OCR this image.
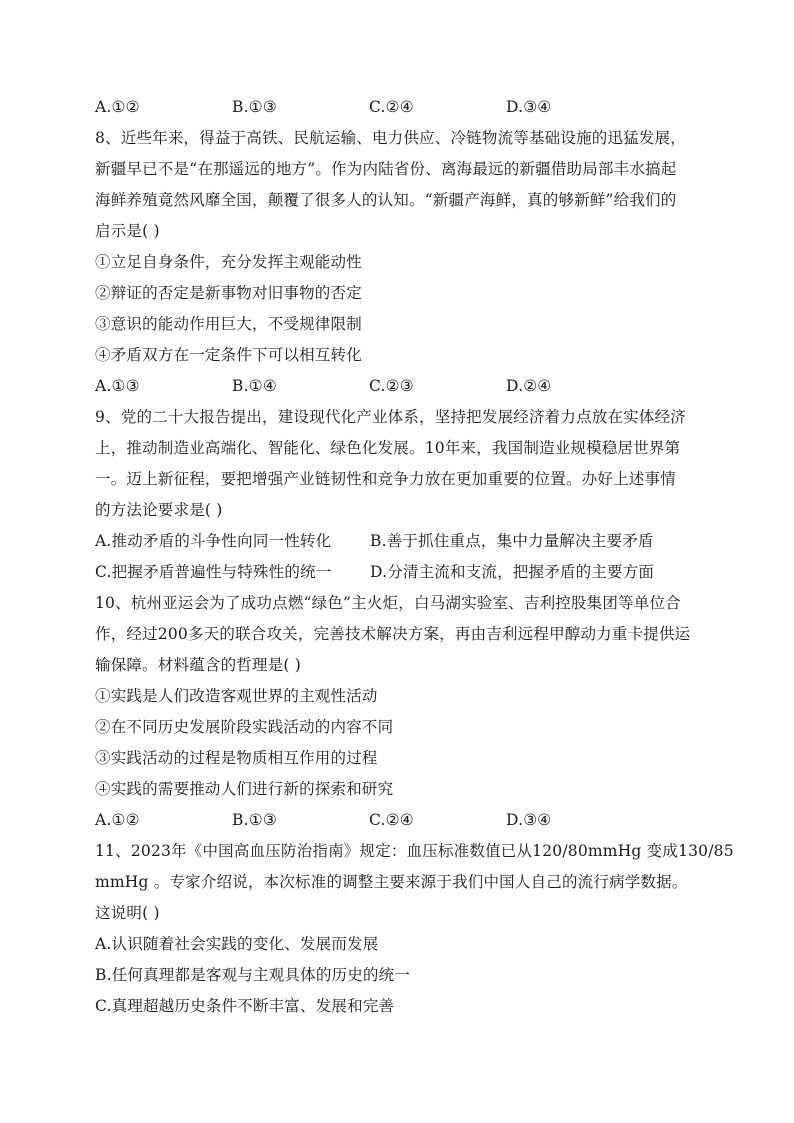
A.①②	B.①③	C.②④	D.③④
8、近些年来，得益于高铁、民航运输、电力供应、冷链物流等基础设施的迅猛发展，
新疆早已不是“在那遥远的地方”。作为内陆省份、离海最远的新疆借助局部丰水搞起
海鲜养殖竟然风靡全国，颠覆了很多人的认知。“新疆产海鲜，真的够新鲜”给我们的
启示是( )
①立足自身条件，充分发挥主观能动性
②辩证的否定是新事物对旧事物的否定
③意识的能动作用巨大，不受规律限制
④矛盾双方在一定条件下可以相互转化
A.①③	B.①④	C.②③	D.②④
9、党的二十大报告提出，建设现代化产业体系，坚持把发展经济着力点放在实体经济
上，推动制造业高端化、智能化、绿色化发展。10年来，我国制造业规模稳居世界第
一。迈上新征程，要把增强产业链韧性和竞争力放在更加重要的位置。办好上述事情
的方法论要求是( )
A.推动矛盾的斗争性向同一性转化	B.善于抓住重点，集中力量解决主要矛盾
C.把握矛盾普遍性与特殊性的统一	D.分清主流和支流，把握矛盾的主要方面
10、杭州亚运会为了成功点燃“绿色”主火炬，白马湖实验室、吉利控股集团等单位合
作，经过200多天的联合攻关，完善技术解决方案，再由吉利远程甲醇动力重卡提供运
输保障。材料蕴含的哲理是( )
①实践是人们改造客观世界的主观性活动
②在不同历史发展阶段实践活动的内容不同
③实践活动的过程是物质相互作用的过程
④实践的需要推动人们进行新的探索和研究
A.①②	B.①③	C.②④	D.③④
11、2023年《中国高血压防治指南》规定：血压标准数值已从120/80mmHg 变成130/85
mmHg 。专家介绍说，本次标准的调整主要来源于我们中国人自己的流行病学数据。
这说明( )
A.认识随着社会实践的变化、发展而发展
B.任何真理都是客观与主观具体的历史的统一
C.真理超越历史条件不断丰富、发展和完善
